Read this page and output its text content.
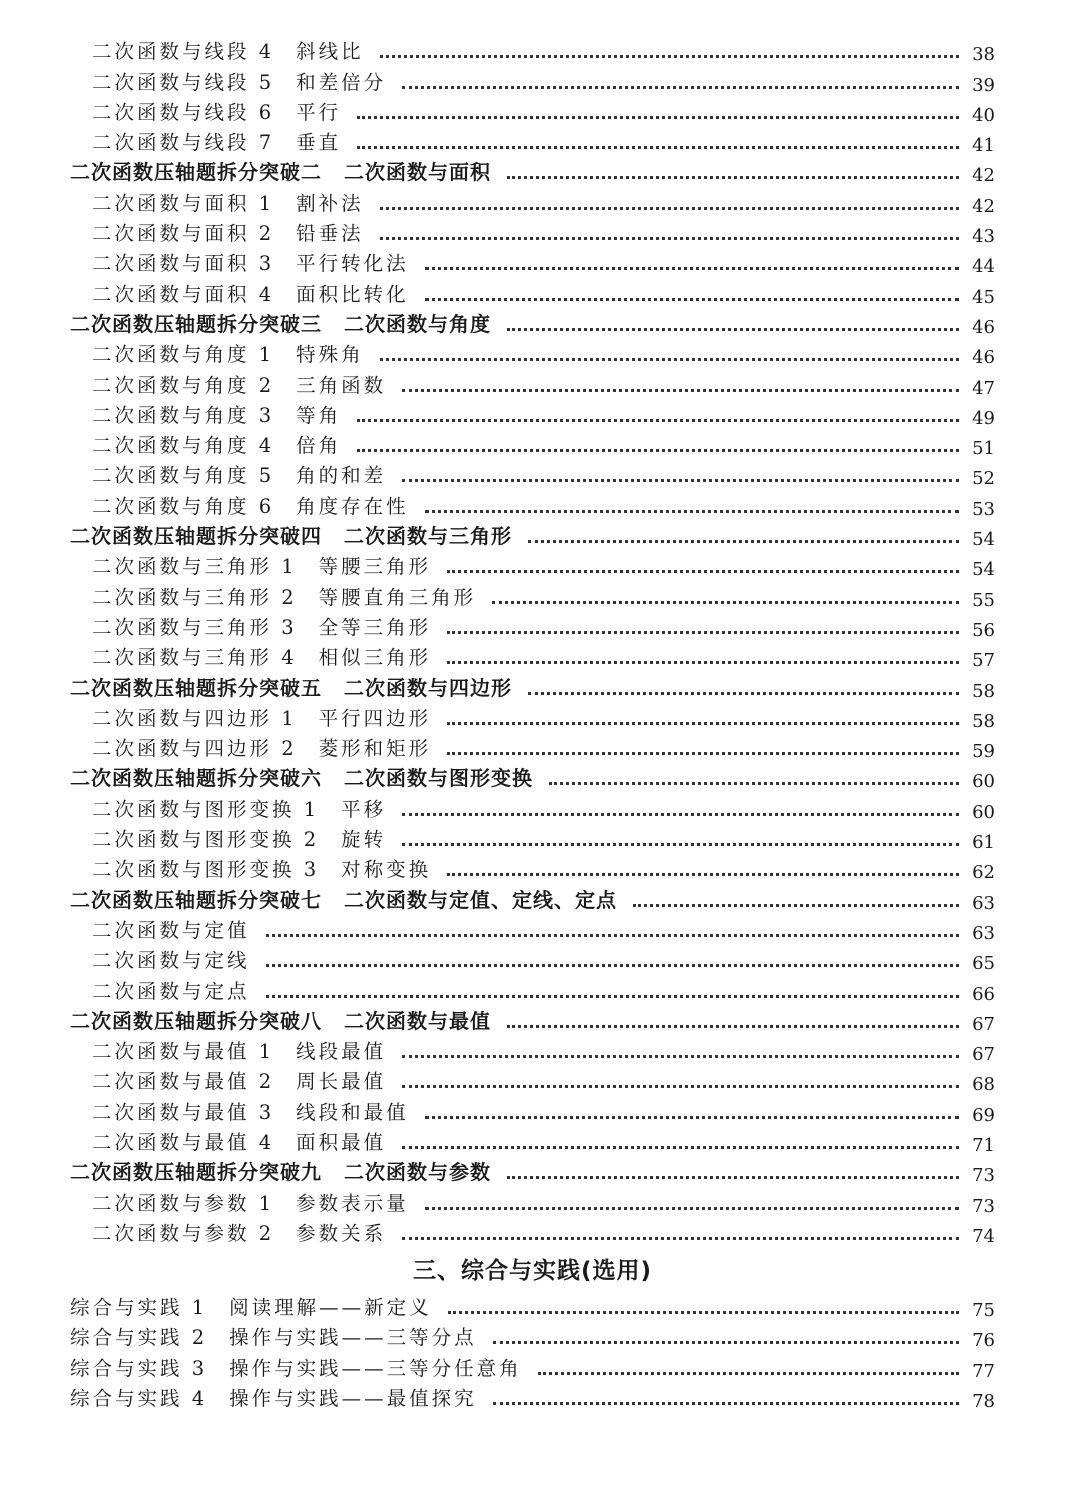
二次函数与线段 4 斜线比	38
二次函数与线段 5 和差倍分	39
二次函数与线段 6 平行	40
二次函数与线段 7 垂直	41
二次函数压轴题拆分突破二 二次函数与面积	42
二次函数与面积 1 割补法	42
二次函数与面积 2 铅垂法	43
二次函数与面积 3 平行转化法	44
二次函数与面积 4 面积比转化	45
二次函数压轴题拆分突破三 二次函数与角度	46
二次函数与角度 1 特殊角	46
二次函数与角度 2 三角函数	47
二次函数与角度 3 等角	49
二次函数与角度 4 倍角	51
二次函数与角度 5 角的和差	52
二次函数与角度 6 角度存在性	53
二次函数压轴题拆分突破四 二次函数与三角形	54
二次函数与三角形 1 等腰三角形	54
二次函数与三角形 2 等腰直角三角形	55
二次函数与三角形 3 全等三角形	56
二次函数与三角形 4 相似三角形	57
二次函数压轴题拆分突破五 二次函数与四边形	58
二次函数与四边形 1 平行四边形	58
二次函数与四边形 2 菱形和矩形	59
二次函数压轴题拆分突破六 二次函数与图形变换	60
二次函数与图形变换 1 平移	60
二次函数与图形变换 2 旋转	61
二次函数与图形变换 3 对称变换	62
二次函数压轴题拆分突破七 二次函数与定值、定线、定点	63
二次函数与定值	63
二次函数与定线	65
二次函数与定点	66
二次函数压轴题拆分突破八 二次函数与最值	67
二次函数与最值 1 线段最值	67
二次函数与最值 2 周长最值	68
二次函数与最值 3 线段和最值	69
二次函数与最值 4 面积最值	71
二次函数压轴题拆分突破九 二次函数与参数	73
二次函数与参数 1 参数表示量	73
二次函数与参数 2 参数关系	74
三、综合与实践(选用)
综合与实践 1 阅读理解——新定义	75
综合与实践 2 操作与实践——三等分点	76
综合与实践 3 操作与实践——三等分任意角	77
综合与实践 4 操作与实践——最值探究	78
